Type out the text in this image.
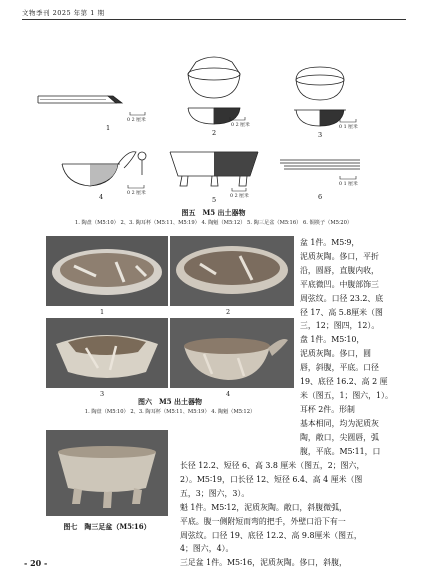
文物季刊 2025 年第 1 期
1
2	3
4	5	6
0 2 厘米
0 2 厘米	0 1 厘米
0 2 厘米
0 2 厘米
0 1 厘米
图五　M5 出土器物
1. 陶盘（M5∶10） 2、3. 陶耳杯（M5∶11、M5∶19） 4. 陶魁（M5∶12） 5. 陶三足盆（M5∶16） 6. 铜筷子（M5∶20）
1	2
3	4
图六　M5 出土器物
1. 陶盘（M5∶10） 2、3. 陶耳杯（M5∶11、M5∶19） 4. 陶魁（M5∶12）
图七　陶三足盆（M5∶16）
盆 1件。M5∶9，
泥质灰陶。侈口，平折
沿，圆唇，直腹内收，
平底微凹。中腹部饰三
周弦纹。口径 23.2、底
径 17、高 5.8厘米（图
三，12；图四，12）。
盘 1件。M5∶10，
泥质灰陶。侈口，圆
唇，斜腹，平底。口径
19、底径 16.2、高 2 厘
米（图五，1；图六，1）。
耳杯 2件。形制
基本相同，均为泥质灰
陶，敞口，尖圆唇，弧
腹，平底。M5∶11，口
长径 12.2、短径 6、高 3.8 厘米（图五，2；图六，
2）。M5∶19，口长径 12、短径 6.4、高 4 厘米（图
五，3；图六，3）。
魁 1件。M5∶12，泥质灰陶。敞口，斜腹微弧，
平底。腹一侧附短而弯的把手，外壁口沿下有一
周弦纹。口径 19、底径 12.2、高 9.8厘米（图五，
4；图六，4）。
三足盆 1件。M5∶16，泥质灰陶。侈口，斜腹，
- 20 -
